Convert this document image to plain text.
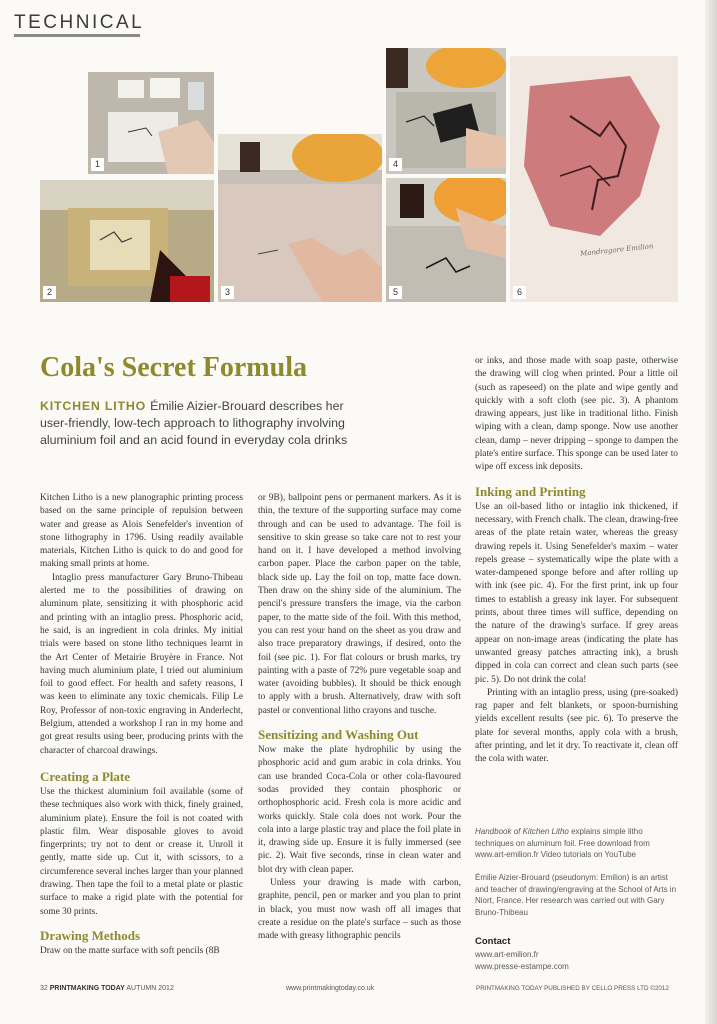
TECHNICAL
1
2	3
4
5
Mandragore Emilion
6
Cola's Secret Formula
KITCHEN LITHO Émilie Aizier-Brouard describes her user-friendly, low-tech approach to lithography involving aluminium foil and an acid found in everyday cola drinks

Kitchen Litho is a new planographic printing process based on the same principle of repulsion between water and grease as Alois Senefelder's invention of stone lithography in 1796. Using readily available materials, Kitchen Litho is quick to do and good for making small prints at home.

Intaglio press manufacturer Gary Bruno-Thibeau alerted me to the possibilities of drawing on aluminum plate, sensitizing it with phosphoric acid and printing with an intaglio press. Phosphoric acid, he said, is an ingredient in cola drinks. My initial trials were based on stone litho techniques learnt in the Art Center of Metairie Bruyère in France. Not having much aluminium plate, I tried out aluminium foil to good effect. For health and safety reasons, I was keen to eliminate any toxic chemicals. Filip Le Roy, Professor of non-toxic engraving in Anderlecht, Belgium, attended a workshop I ran in my home and got great results using beer, producing prints with the character of charcoal drawings.

Creating a Plate

Use the thickest aluminium foil available (some of these techniques also work with thick, finely grained, aluminium plate). Ensure the foil is not coated with plastic film. Wear disposable gloves to avoid fingerprints; try not to dent or crease it. Unroll it gently, matte side up. Cut it, with scissors, to a circumference several inches larger than your planned drawing. Then tape the foil to a metal plate or plastic surface to make a rigid plate with the potential for some 30 prints.

Drawing Methods

Draw on the matte surface with soft pencils (8B

or 9B), ballpoint pens or permanent markers. As it is thin, the texture of the supporting surface may come through and can be used to advantage. The foil is sensitive to skin grease so take care not to rest your hand on it. I have developed a method involving carbon paper. Place the carbon paper on the table, black side up. Lay the foil on top, matte face down. Then draw on the shiny side of the aluminium. The pencil's pressure transfers the image, via the carbon paper, to the matte side of the foil. With this method, you can rest your hand on the sheet as you draw and also trace preparatory drawings, if desired, onto the foil (see pic. 1). For flat colours or brush marks, try painting with a paste of 72% pure vegetable soap and water (avoiding bubbles). It should be thick enough to apply with a brush. Alternatively, draw with soft pastel or conventional litho crayons and tusche.

Sensitizing and Washing Out

Now make the plate hydrophilic by using the phosphoric acid and gum arabic in cola drinks. You can use branded Coca-Cola or other cola-flavoured sodas provided they contain phosphoric or orthophosphoric acid. Fresh cola is more acidic and works quickly. Stale cola does not work. Pour the cola into a large plastic tray and place the foil plate in it, drawing side up. Ensure it is fully immersed (see pic. 2). Wait five seconds, rinse in clean water and blot dry with clean paper.

Unless your drawing is made with carbon, graphite, pencil, pen or marker and you plan to print in black, you must now wash off all images that create a residue on the plate's surface – such as those made with greasy lithographic pencils

or inks, and those made with soap paste, otherwise the drawing will clog when printed. Pour a little oil (such as rapeseed) on the plate and wipe gently and quickly with a soft cloth (see pic. 3). A phantom drawing appears, just like in traditional litho. Finish wiping with a clean, damp sponge. Now use another clean, damp – never dripping – sponge to dampen the plate's entire surface. This sponge can be used later to wipe off excess ink deposits.

Inking and Printing

Use an oil-based litho or intaglio ink thickened, if necessary, with French chalk. The clean, drawing-free areas of the plate retain water, whereas the greasy drawing repels it. Using Senefelder's maxim – water repels grease – systematically wipe the plate with a water-dampened sponge before and after rolling up with ink (see pic. 4). For the first print, ink up four times to establish a greasy ink layer. For subsequent prints, about three times will suffice, depending on the nature of the drawing's surface. If grey areas appear on non-image areas (indicating the plate has unwanted greasy patches attracting ink), a brush dipped in cola can correct and clean such parts (see pic. 5). Do not drink the cola!

Printing with an intaglio press, using (pre-soaked) rag paper and felt blankets, or spoon-burnishing yields excellent results (see pic. 6). To preserve the plate for several months, apply cola with a brush, after printing, and let it dry. To reactivate it, clean off the cola with water.

Handbook of Kitchen Litho explains simple litho techniques on aluminum foil. Free download from www.art-emilion.fr Video tutorials on YouTube
Émilie Aizier-Brouard (pseudonym: Emilion) is an artist and teacher of drawing/engraving at the School of Arts in Niort, France. Her research was carried out with Gary Bruno-Thibeau
Contact
www.art-emilion.fr
www.presse-estampe.com
32 PRINTMAKING TODAY AUTUMN 2012	www.printmakingtoday.co.uk	PRINTMAKING TODAY PUBLISHED BY CELLO PRESS LTD ©2012
